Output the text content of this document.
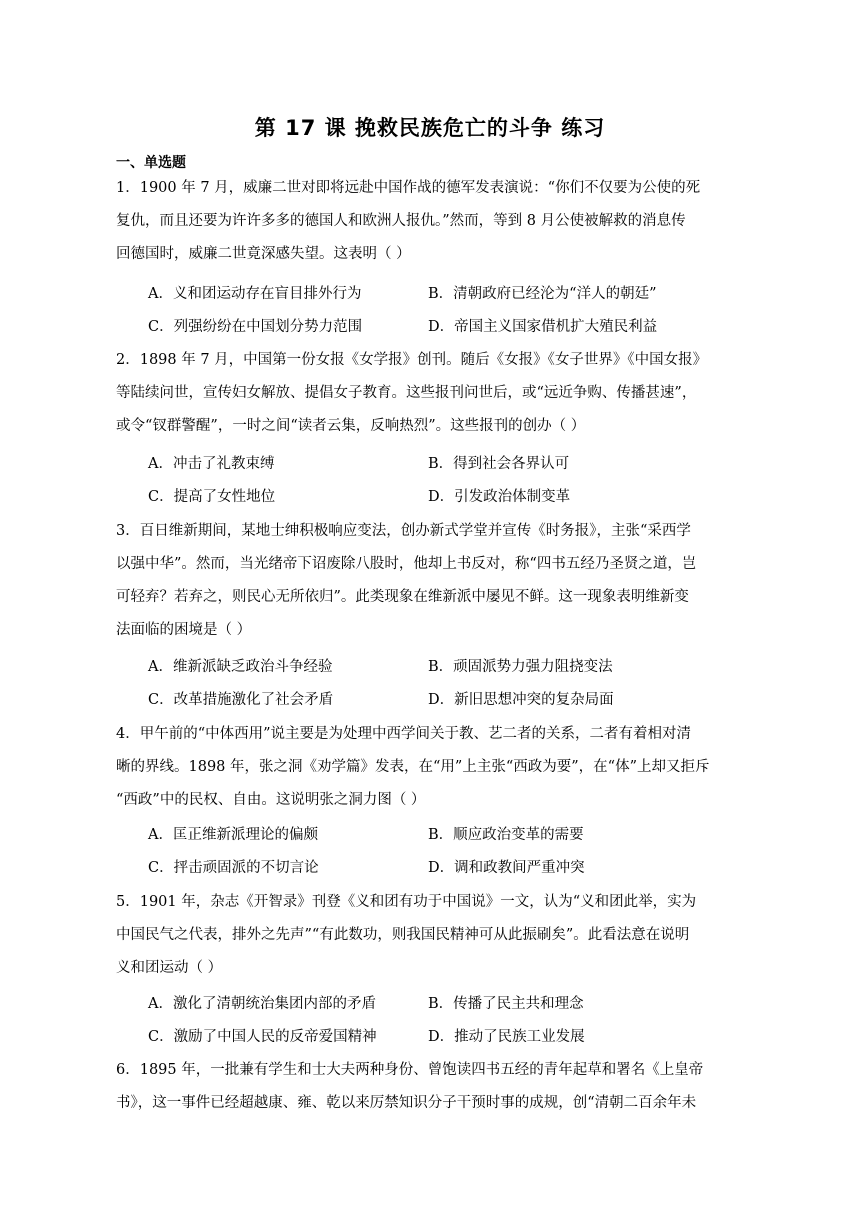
第 17 课 挽救民族危亡的斗争 练习
一、单选题
1．1900 年 7 月，威廉二世对即将远赴中国作战的德军发表演说：“你们不仅要为公使的死
复仇，而且还要为许许多多的德国人和欧洲人报仇。”然而，等到 8 月公使被解救的消息传
回德国时，威廉二世竟深感失望。这表明（ ）
A．义和团运动存在盲目排外行为	B．清朝政府已经沦为“洋人的朝廷”
C．列强纷纷在中国划分势力范围	D．帝国主义国家借机扩大殖民利益
2．1898 年 7 月，中国第一份女报《女学报》创刊。随后《女报》《女子世界》《中国女报》
等陆续问世，宣传妇女解放、提倡女子教育。这些报刊问世后，或“远近争购、传播甚速”，
或令“钗群警醒”，一时之间“读者云集，反响热烈”。这些报刊的创办（ ）
A．冲击了礼教束缚	B．得到社会各界认可
C．提高了女性地位	D．引发政治体制变革
3．百日维新期间，某地士绅积极响应变法，创办新式学堂并宣传《时务报》，主张“采西学
以强中华”。然而，当光绪帝下诏废除八股时，他却上书反对，称“四书五经乃圣贤之道，岂
可轻弃？若弃之，则民心无所依归”。此类现象在维新派中屡见不鲜。这一现象表明维新变
法面临的困境是（ ）
A．维新派缺乏政治斗争经验	B．顽固派势力强力阻挠变法
C．改革措施激化了社会矛盾	D．新旧思想冲突的复杂局面
4．甲午前的“中体西用”说主要是为处理中西学间关于教、艺二者的关系，二者有着相对清
晰的界线。1898 年，张之洞《劝学篇》发表，在“用”上主张“西政为要”，在“体”上却又拒斥
“西政”中的民权、自由。这说明张之洞力图（ ）
A．匡正维新派理论的偏颇	B．顺应政治变革的需要
C．抨击顽固派的不切言论	D．调和政教间严重冲突
5．1901 年，杂志《开智录》刊登《义和团有功于中国说》一文，认为“义和团此举，实为
中国民气之代表，排外之先声”“有此数功，则我国民精神可从此振刷矣”。此看法意在说明
义和团运动（ ）
A．激化了清朝统治集团内部的矛盾	B．传播了民主共和理念
C．激励了中国人民的反帝爱国精神	D．推动了民族工业发展
6．1895 年，一批兼有学生和士大夫两种身份、曾饱读四书五经的青年起草和署名《上皇帝
书》，这一事件已经超越康、雍、乾以来厉禁知识分子干预时事的成规，创“清朝二百余年未
